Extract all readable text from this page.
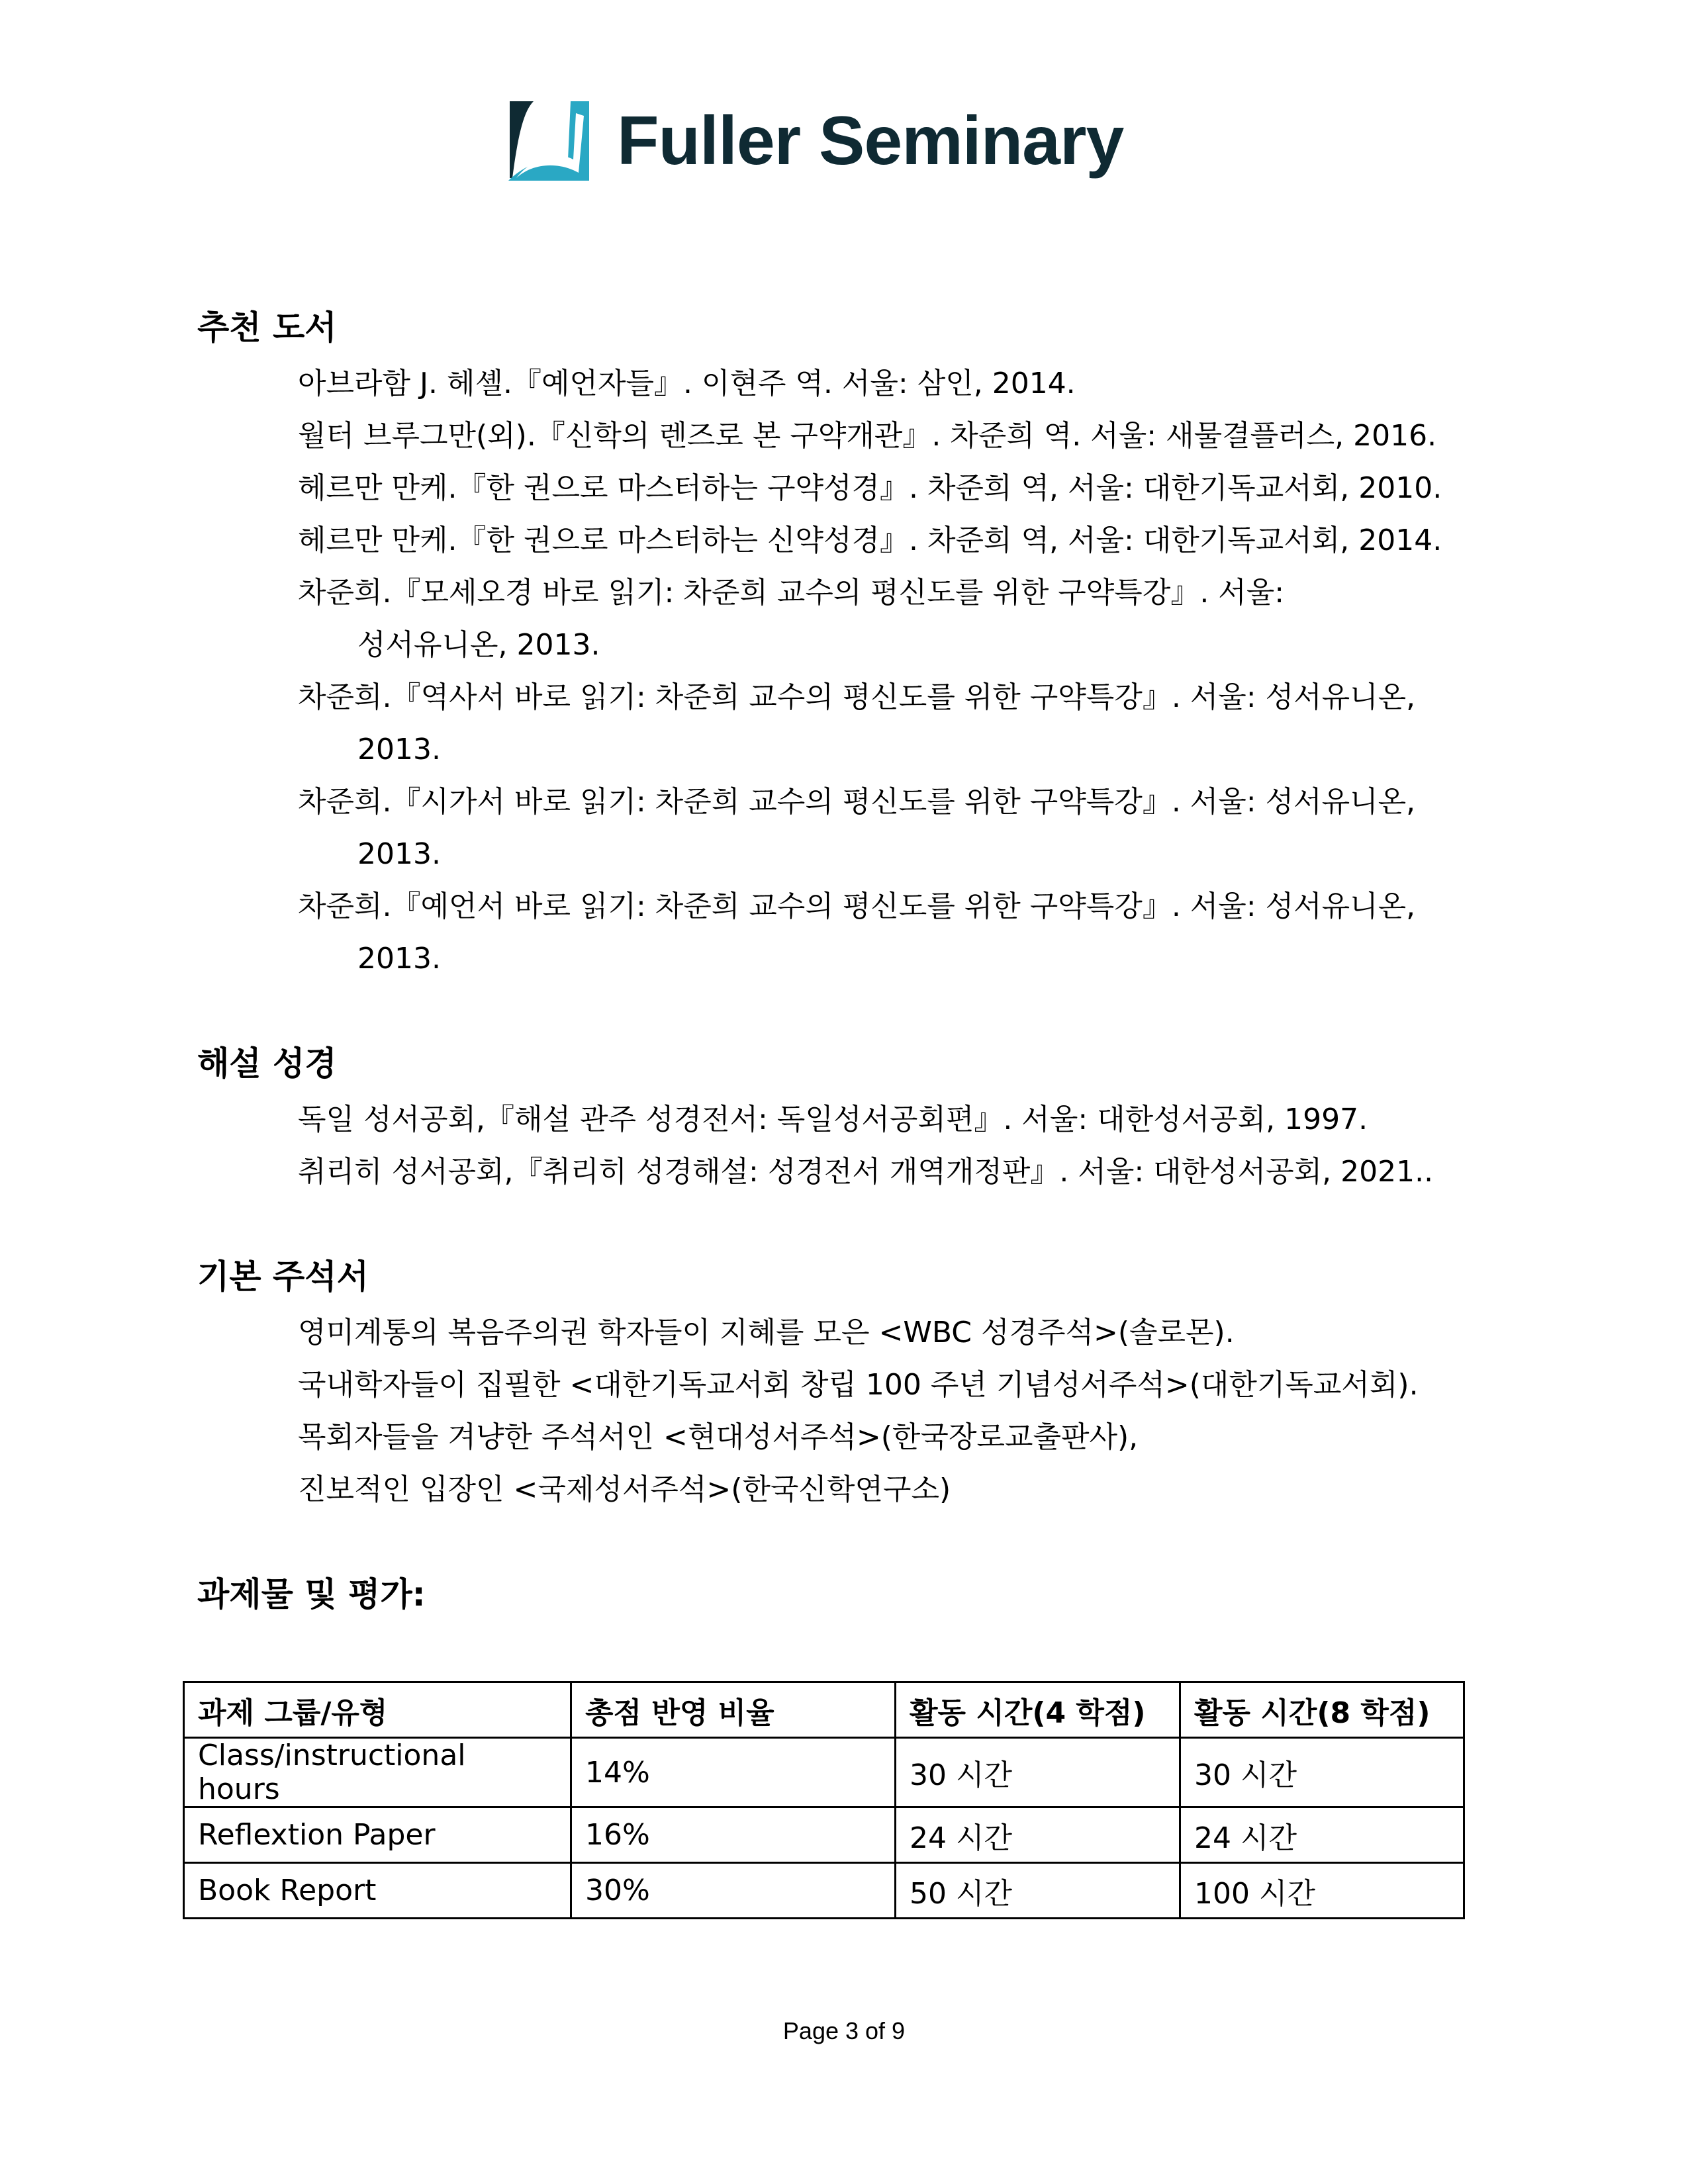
Fuller Seminary
추천 도서
아브라함 J. 헤셸.『예언자들』. 이현주 역. 서울: 삼인, 2014.
월터 브루그만(외).『신학의 렌즈로 본 구약개관』. 차준희 역. 서울: 새물결플러스, 2016.
헤르만 만케.『한 권으로 마스터하는 구약성경』. 차준희 역, 서울: 대한기독교서회, 2010.
헤르만 만케.『한 권으로 마스터하는 신약성경』. 차준희 역, 서울: 대한기독교서회, 2014.
차준희.『모세오경 바로 읽기: 차준희 교수의 평신도를 위한 구약특강』. 서울:
성서유니온, 2013.
차준희.『역사서 바로 읽기: 차준희 교수의 평신도를 위한 구약특강』. 서울: 성서유니온,
2013.
차준희.『시가서 바로 읽기: 차준희 교수의 평신도를 위한 구약특강』. 서울: 성서유니온,
2013.
차준희.『예언서 바로 읽기: 차준희 교수의 평신도를 위한 구약특강』. 서울: 성서유니온,
2013.
해설 성경
독일 성서공회,『해설 관주 성경전서: 독일성서공회편』. 서울: 대한성서공회, 1997.
취리히 성서공회,『취리히 성경해설: 성경전서 개역개정판』. 서울: 대한성서공회, 2021..
기본 주석서
영미계통의 복음주의권 학자들이 지혜를 모은 <WBC 성경주석>(솔로몬).
국내학자들이 집필한 <대한기독교서회 창립 100 주년 기념성서주석>(대한기독교서회).
목회자들을 겨냥한 주석서인 <현대성서주석>(한국장로교출판사),
진보적인 입장인 <국제성서주석>(한국신학연구소)
과제물 및 평가:
과제 그룹/유형	총점 반영 비율	활동 시간(4 학점)	활동 시간(8 학점)
Class/instructional hours	14%	30 시간	30 시간
Reflextion Paper	16%	24 시간	24 시간
Book Report	30%	50 시간	100 시간
Page 3 of 9
